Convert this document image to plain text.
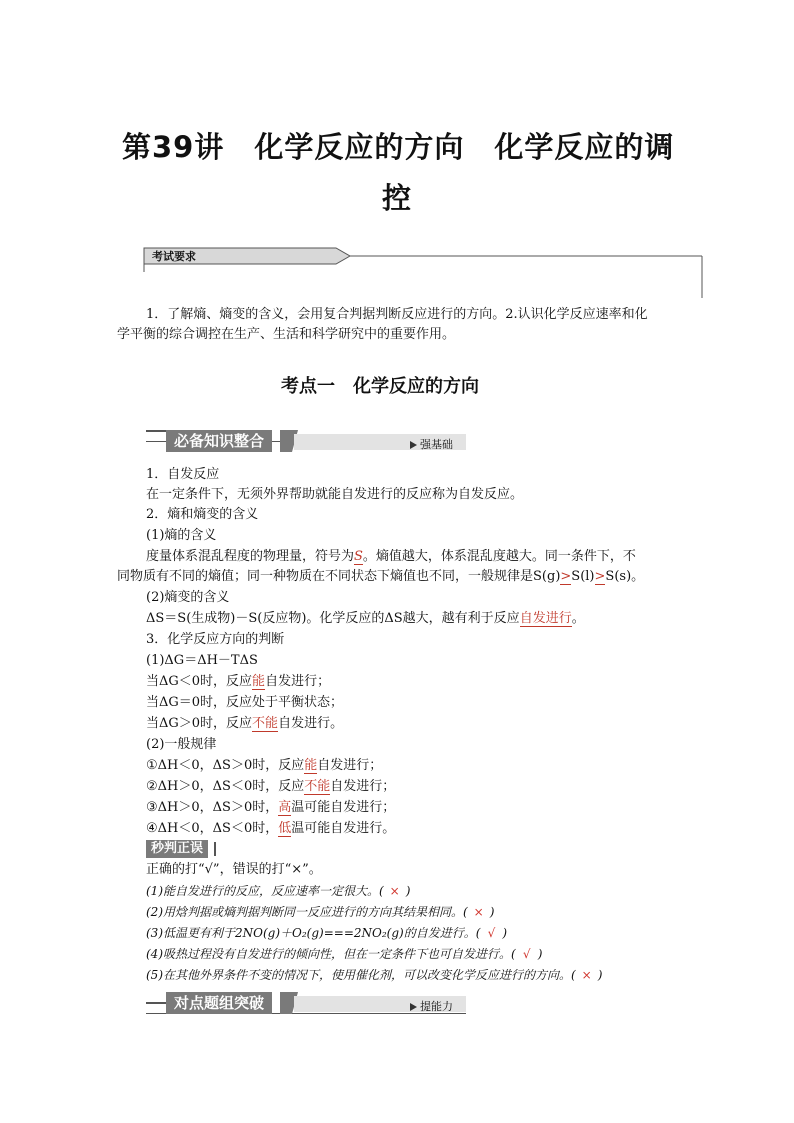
第39讲　化学反应的方向　化学反应的调
控
考试要求
1．了解熵、熵变的含义，会用复合判据判断反应进行的方向。2.认识化学反应速率和化
学平衡的综合调控在生产、生活和科学研究中的重要作用。
考点一　化学反应的方向
必备知识整合	强基础
1．自发反应
在一定条件下，无须外界帮助就能自发进行的反应称为自发反应。
2．熵和熵变的含义
(1)熵的含义
度量体系混乱程度的物理量，符号为S。熵值越大，体系混乱度越大。同一条件下，不
同物质有不同的熵值；同一种物质在不同状态下熵值也不同，一般规律是S(g)>S(l)>S(s)。
(2)熵变的含义
ΔS＝S(生成物)－S(反应物)。化学反应的ΔS越大，越有利于反应自发进行。
3．化学反应方向的判断
(1)ΔG＝ΔH－TΔS
当ΔG＜0时，反应能自发进行；
当ΔG＝0时，反应处于平衡状态；
当ΔG＞0时，反应不能自发进行。
(2)一般规律
①ΔH＜0，ΔS＞0时，反应能自发进行；
②ΔH＞0，ΔS＜0时，反应不能自发进行；
③ΔH＞0，ΔS＞0时，高温可能自发进行；
④ΔH＜0，ΔS＜0时，低温可能自发进行。
秒判正误
正确的打“√”，错误的打“×”。
(1)能自发进行的反应，反应速率一定很大。( × )
(2)用焓判据或熵判据判断同一反应进行的方向其结果相同。( × )
(3)低温更有利于2NO(g)＋O₂(g)===2NO₂(g)的自发进行。( √ )
(4)吸热过程没有自发进行的倾向性，但在一定条件下也可自发进行。( √ )
(5)在其他外界条件不变的情况下，使用催化剂，可以改变化学反应进行的方向。( × )
对点题组突破	提能力
